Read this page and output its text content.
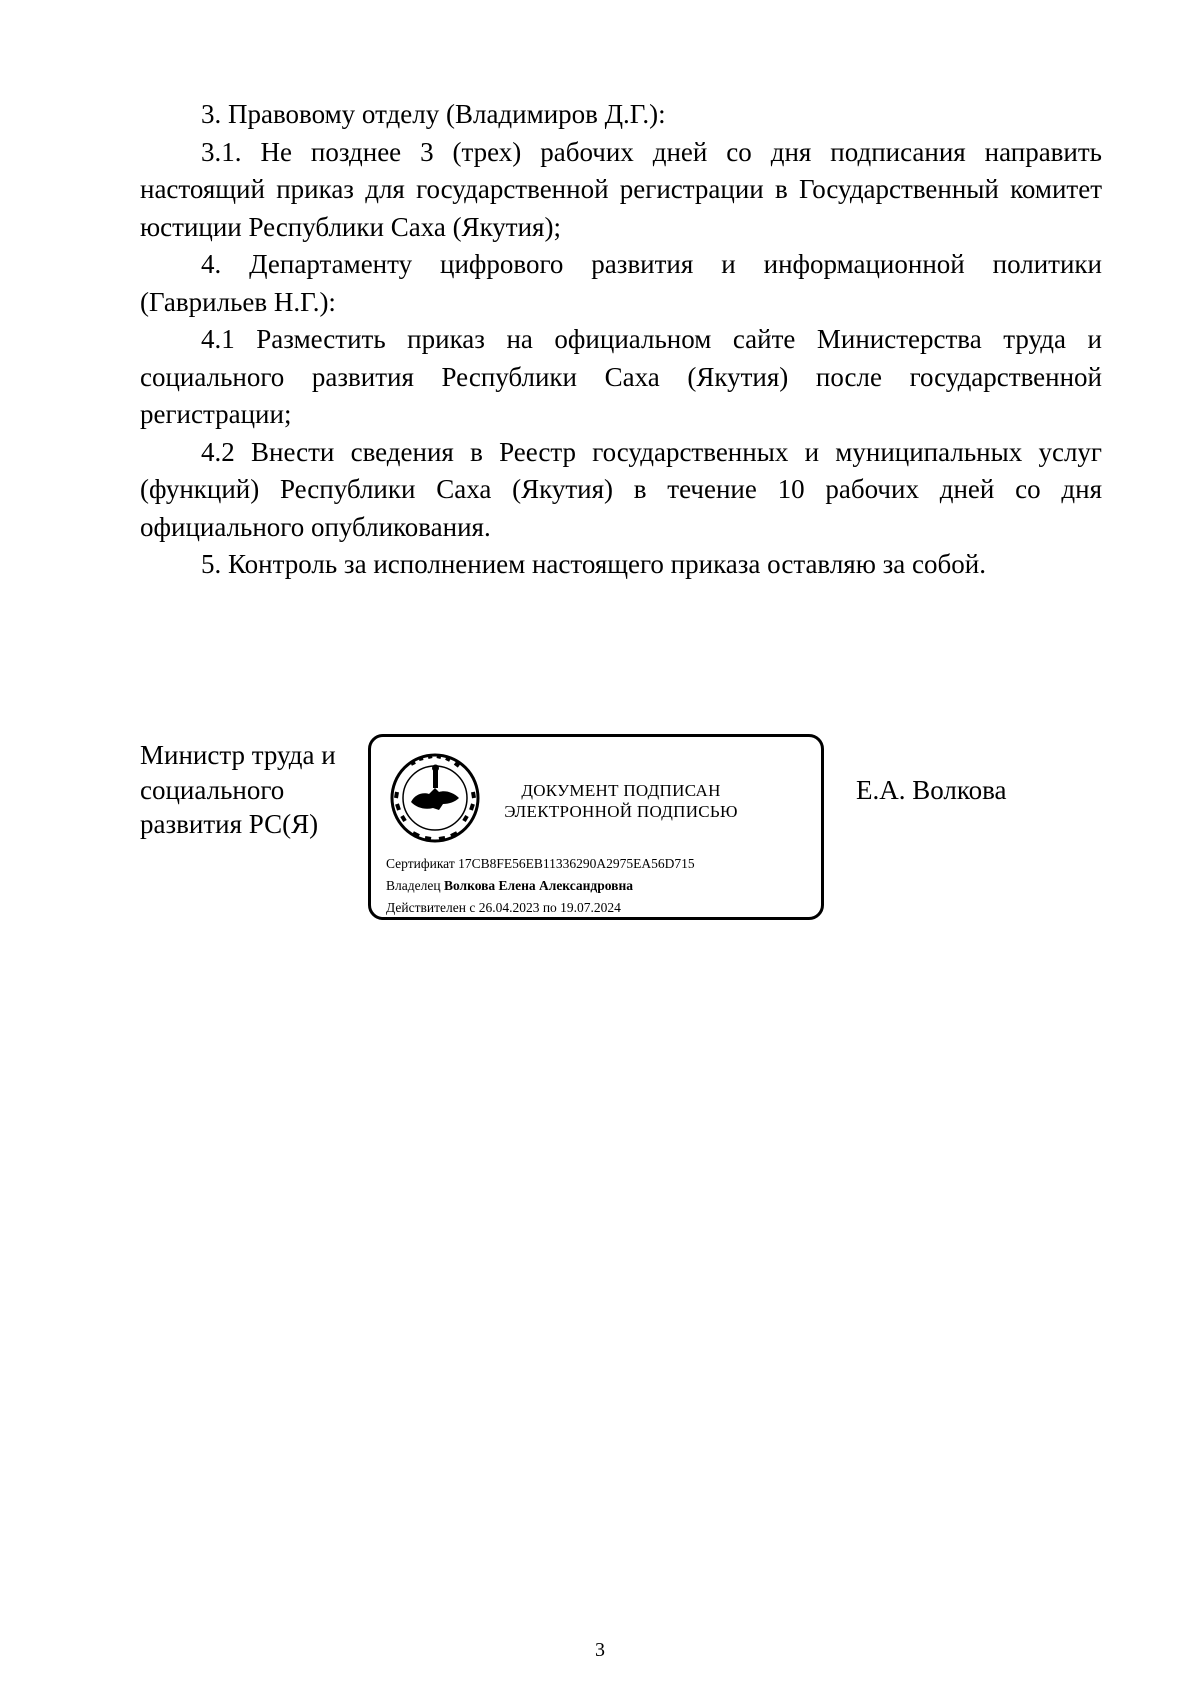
3. Правовому отделу (Владимиров Д.Г.):

3.1. Не позднее 3 (трех) рабочих дней со дня подписания направить настоящий приказ для государственной регистрации в Государственный комитет юстиции Республики Саха (Якутия);

4. Департаменту цифрового развития и информационной политики (Гаврильев Н.Г.):

4.1 Разместить приказ на официальном сайте Министерства труда и социального развития Республики Саха (Якутия) после государственной регистрации;

4.2 Внести сведения в Реестр государственных и муниципальных услуг (функций) Республики Саха (Якутия) в течение 10 рабочих дней со дня официального опубликования.

5. Контроль за исполнением настоящего приказа оставляю за собой.

Министр труда и
социального
развития РС(Я)
ДОКУМЕНТ ПОДПИСАН
ЭЛЕКТРОННОЙ ПОДПИСЬЮ
Сертификат 17CB8FE56EB11336290A2975EA56D715
Владелец Волкова Елена Александровна
Действителен с 26.04.2023 по 19.07.2024
Е.А. Волкова
3
